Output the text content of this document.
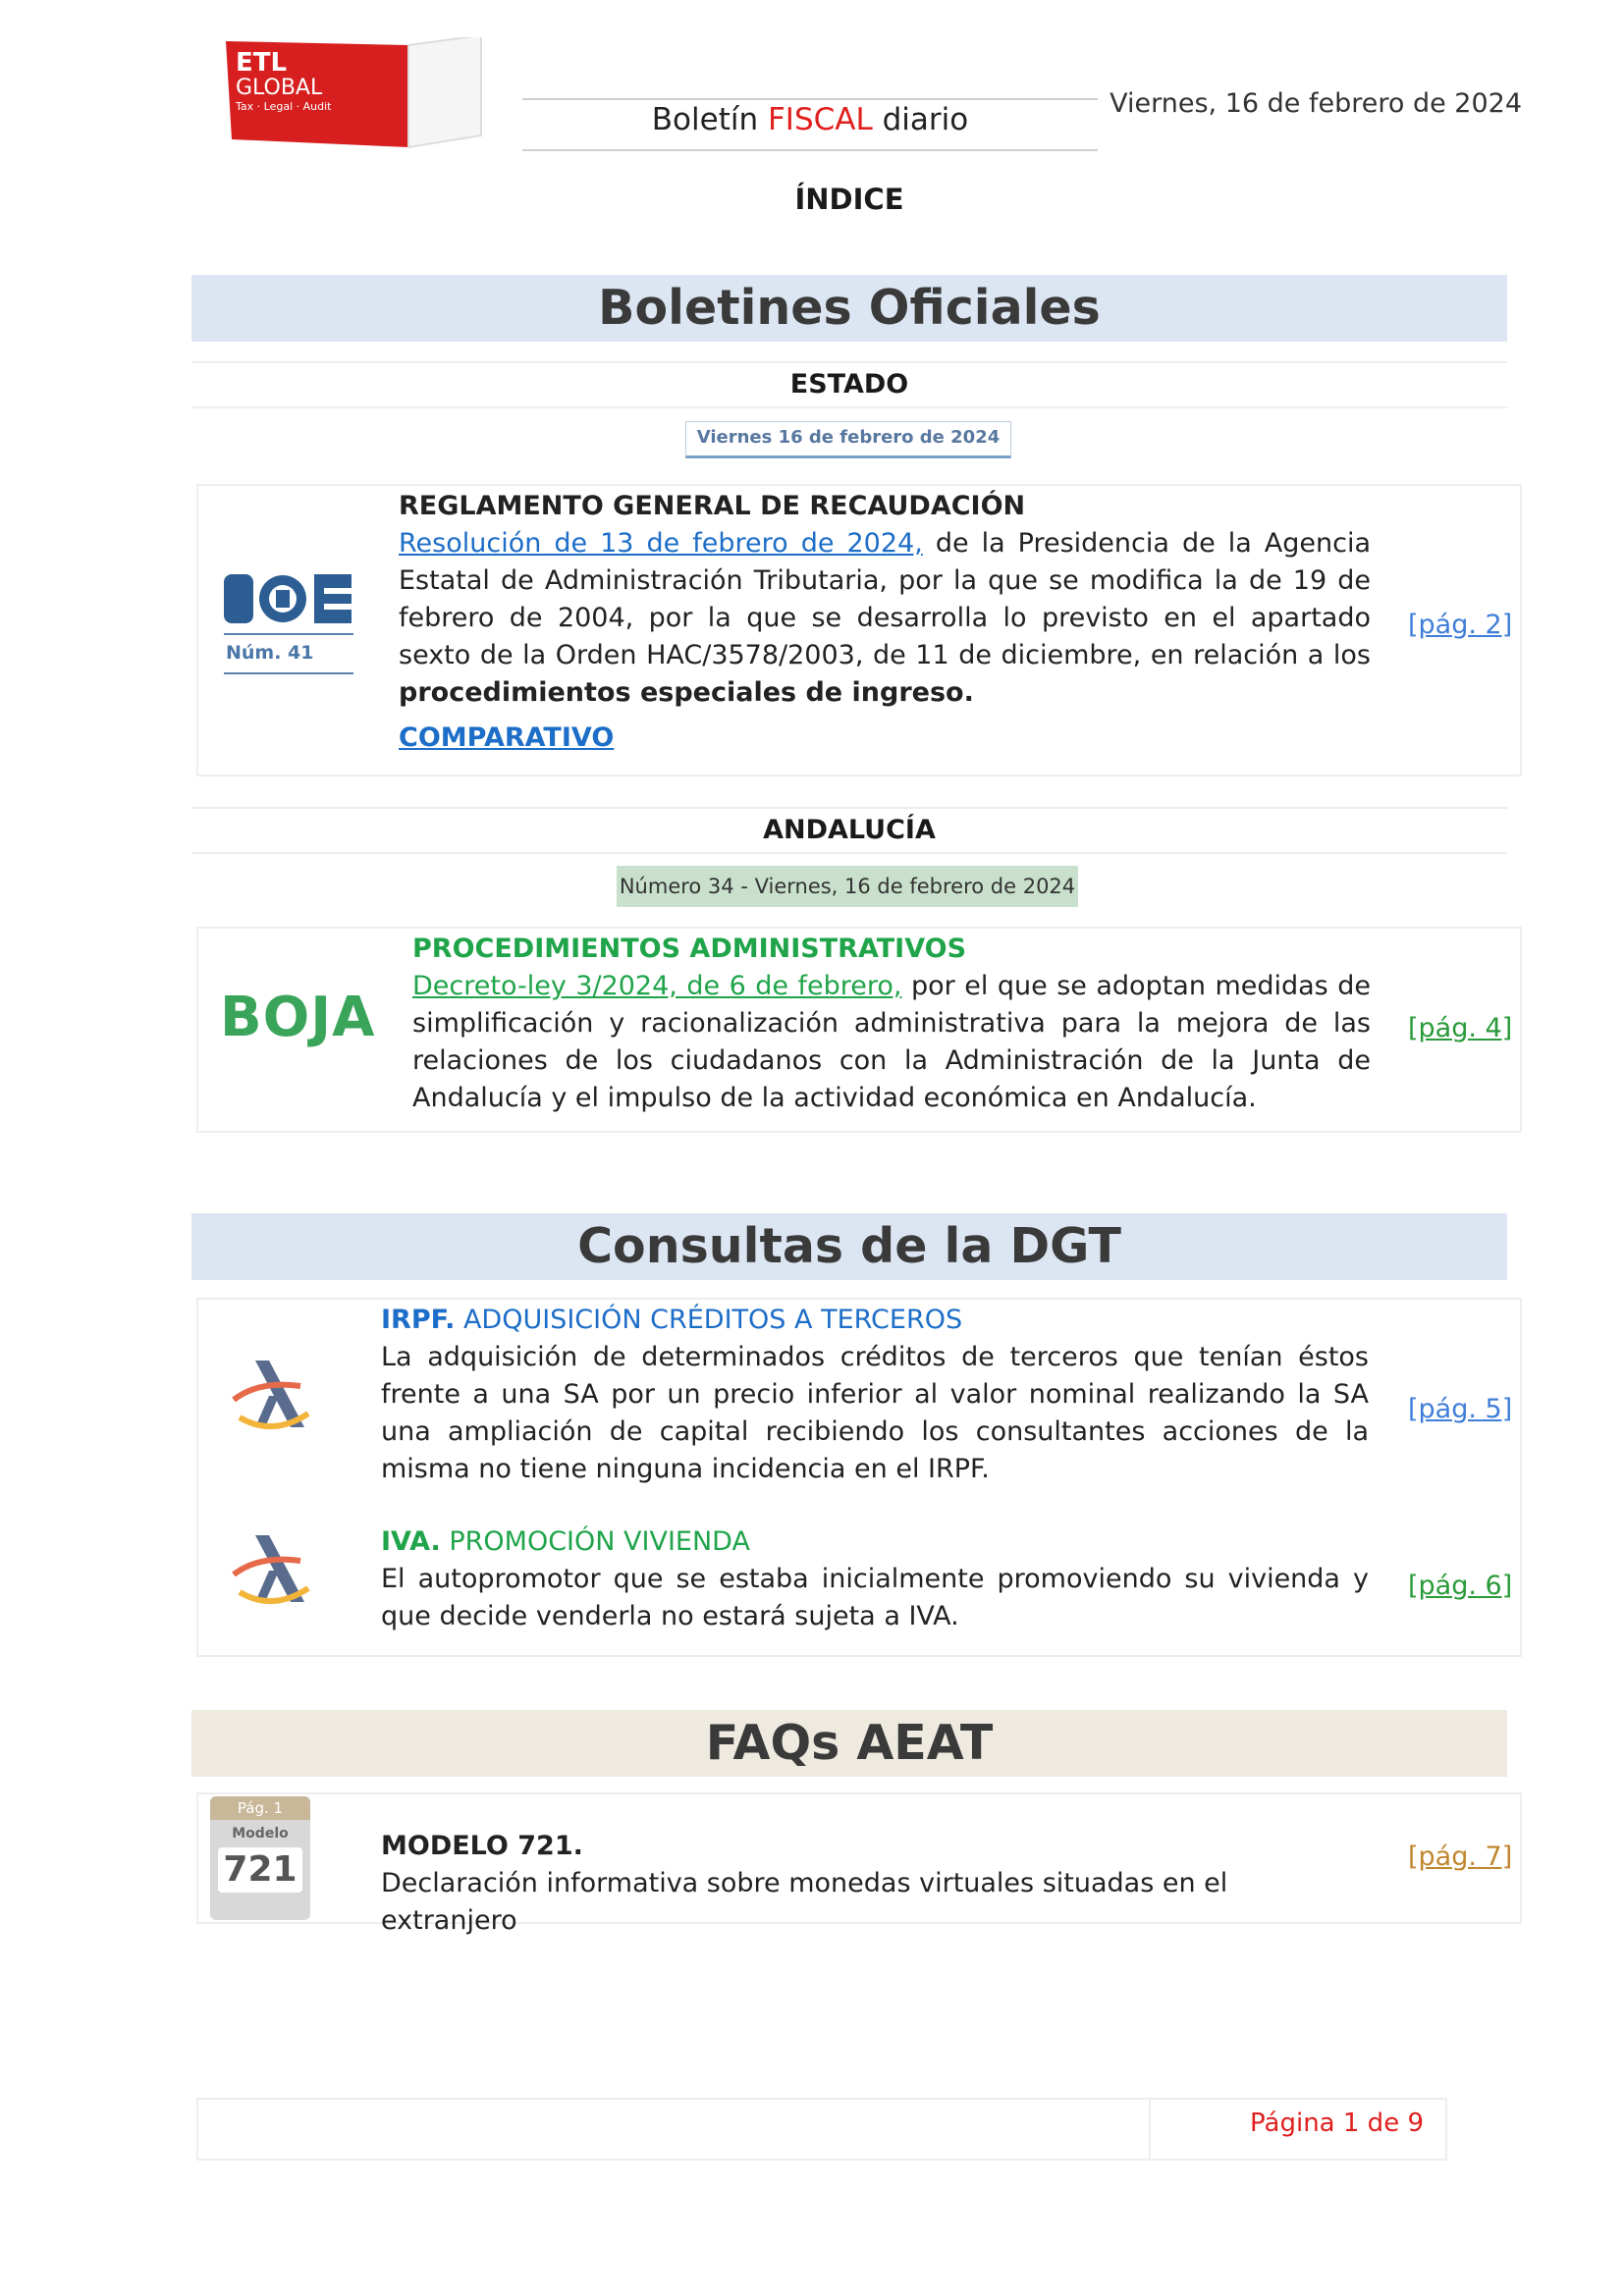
ETL
GLOBAL
Tax · Legal · Audit	Boletín FISCAL diario	Viernes, 16 de febrero de 2024
ÍNDICE
Boletines Oficiales
ESTADO
Viernes 16 de febrero de 2024
Núm. 41
REGLAMENTO GENERAL DE RECAUDACIÓN
Resolución de 13 de febrero de 2024, de la Presidencia de la Agencia Estatal de Administración Tributaria, por la que se modifica la de 19 de febrero de 2004, por la que se desarrolla lo previsto en el apartado sexto de la Orden HAC/3578/2003, de 11 de diciembre, en relación a los procedimientos especiales de ingreso.
COMPARATIVO
[pág. 2]
ANDALUCÍA
Número 34 - Viernes, 16 de febrero de 2024
BOJA
PROCEDIMIENTOS ADMINISTRATIVOS
Decreto-ley 3/2024, de 6 de febrero, por el que se adoptan medidas de simplificación y racionalización administrativa para la mejora de las relaciones de los ciudadanos con la Administración de la Junta de Andalucía y el impulso de la actividad económica en Andalucía.
[pág. 4]
Consultas de la DGT
IRPF. ADQUISICIÓN CRÉDITOS A TERCEROS
La adquisición de determinados créditos de terceros que tenían éstos frente a una SA por un precio inferior al valor nominal realizando la SA una ampliación de capital recibiendo los consultantes acciones de la misma no tiene ninguna incidencia en el IRPF.
[pág. 5]
IVA. PROMOCIÓN VIVIENDA
El autopromotor que se estaba inicialmente promoviendo su vivienda y que decide venderla no estará sujeta a IVA.
[pág. 6]
FAQs AEAT
Pág. 1
Modelo
721
MODELO 721.
Declaración informativa sobre monedas virtuales situadas en el extranjero
[pág. 7]
Página 1 de 9
